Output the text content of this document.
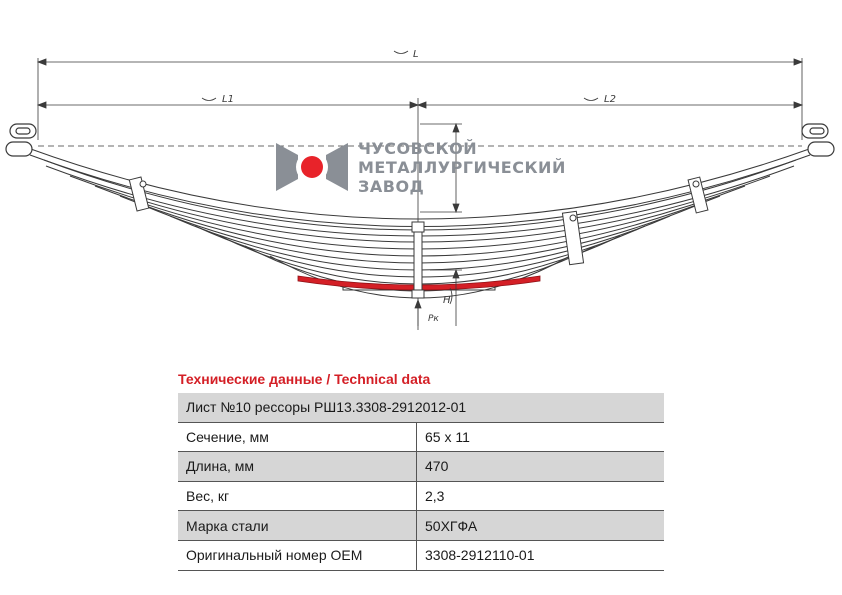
L
L1	L2
H
Pк
ЧУСОВСКОЙ
МЕТАЛЛУРГИЧЕСКИЙ
ЗАВОД
Технические данные / Technical data
Лист №10 рессоры РШ13.3308-2912012-01	
Сечение, мм	65 х 11
Длина, мм	470
Вес, кг	2,3
Марка стали	50ХГФА
Оригинальный номер OEM	3308-2912110-01
